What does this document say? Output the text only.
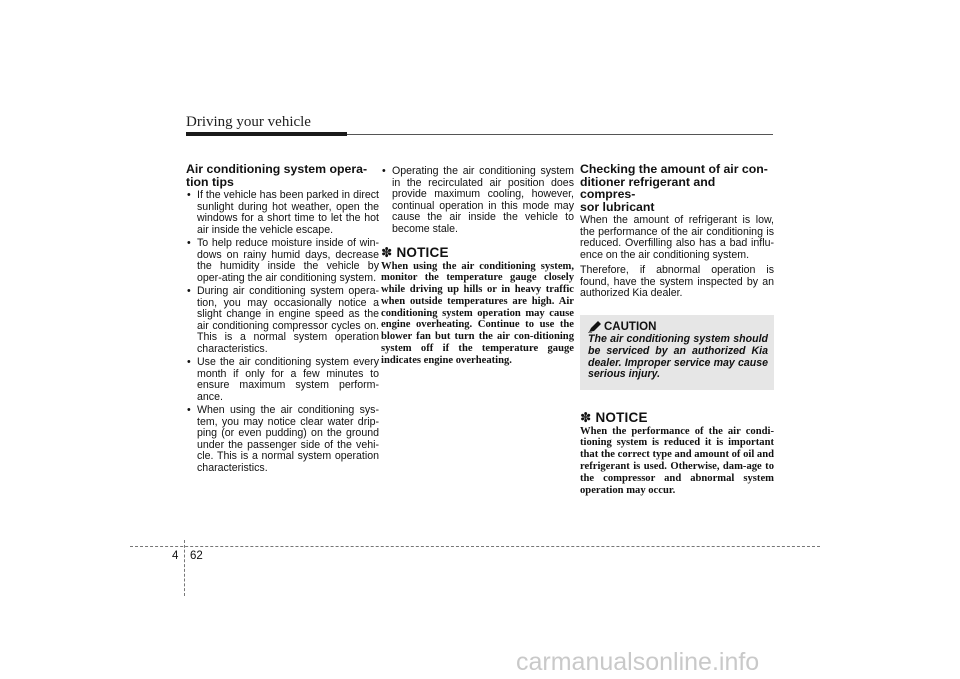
Driving your vehicle

Air conditioning system opera-
tion tips

• If the vehicle has been parked in direct sunlight during hot weather, open the windows for a short time to let the hot air inside the vehicle escape.
• To help reduce moisture inside of win-dows on rainy humid days, decrease the humidity inside the vehicle by oper-ating the air conditioning system.
• During air conditioning system opera-tion, you may occasionally notice a slight change in engine speed as the air conditioning compressor cycles on. This is a normal system operation characteristics.
• Use the air conditioning system every month if only for a few minutes to ensure maximum system perform-ance.
• When using the air conditioning sys-tem, you may notice clear water drip-ping (or even pudding) on the ground under the passenger side of the vehi-cle. This is a normal system operation characteristics.
• Operating the air conditioning system in the recirculated air position does provide maximum cooling, however, continual operation in this mode may cause the air inside the vehicle to become stale.
✽ NOTICE

When using the air conditioning system, monitor the temperature gauge closely while driving up hills or in heavy traffic when outside temperatures are high. Air conditioning system operation may cause engine overheating. Continue to use the blower fan but turn the air con-ditioning system off if the temperature gauge indicates engine overheating.

Checking the amount of air con-
ditioner refrigerant and compres-
sor lubricant

When the amount of refrigerant is low, the performance of the air conditioning is reduced. Overfilling also has a bad influ-ence on the air conditioning system.

Therefore, if abnormal operation is found, have the system inspected by an authorized Kia dealer.

CAUTION

The air conditioning system should be serviced by an authorized Kia dealer. Improper service may cause serious injury.

✽ NOTICE

When the performance of the air condi-tioning system is reduced it is important that the correct type and amount of oil and refrigerant is used. Otherwise, dam-age to the compressor and abnormal system operation may occur.

4 62
carmanualsonline.info
